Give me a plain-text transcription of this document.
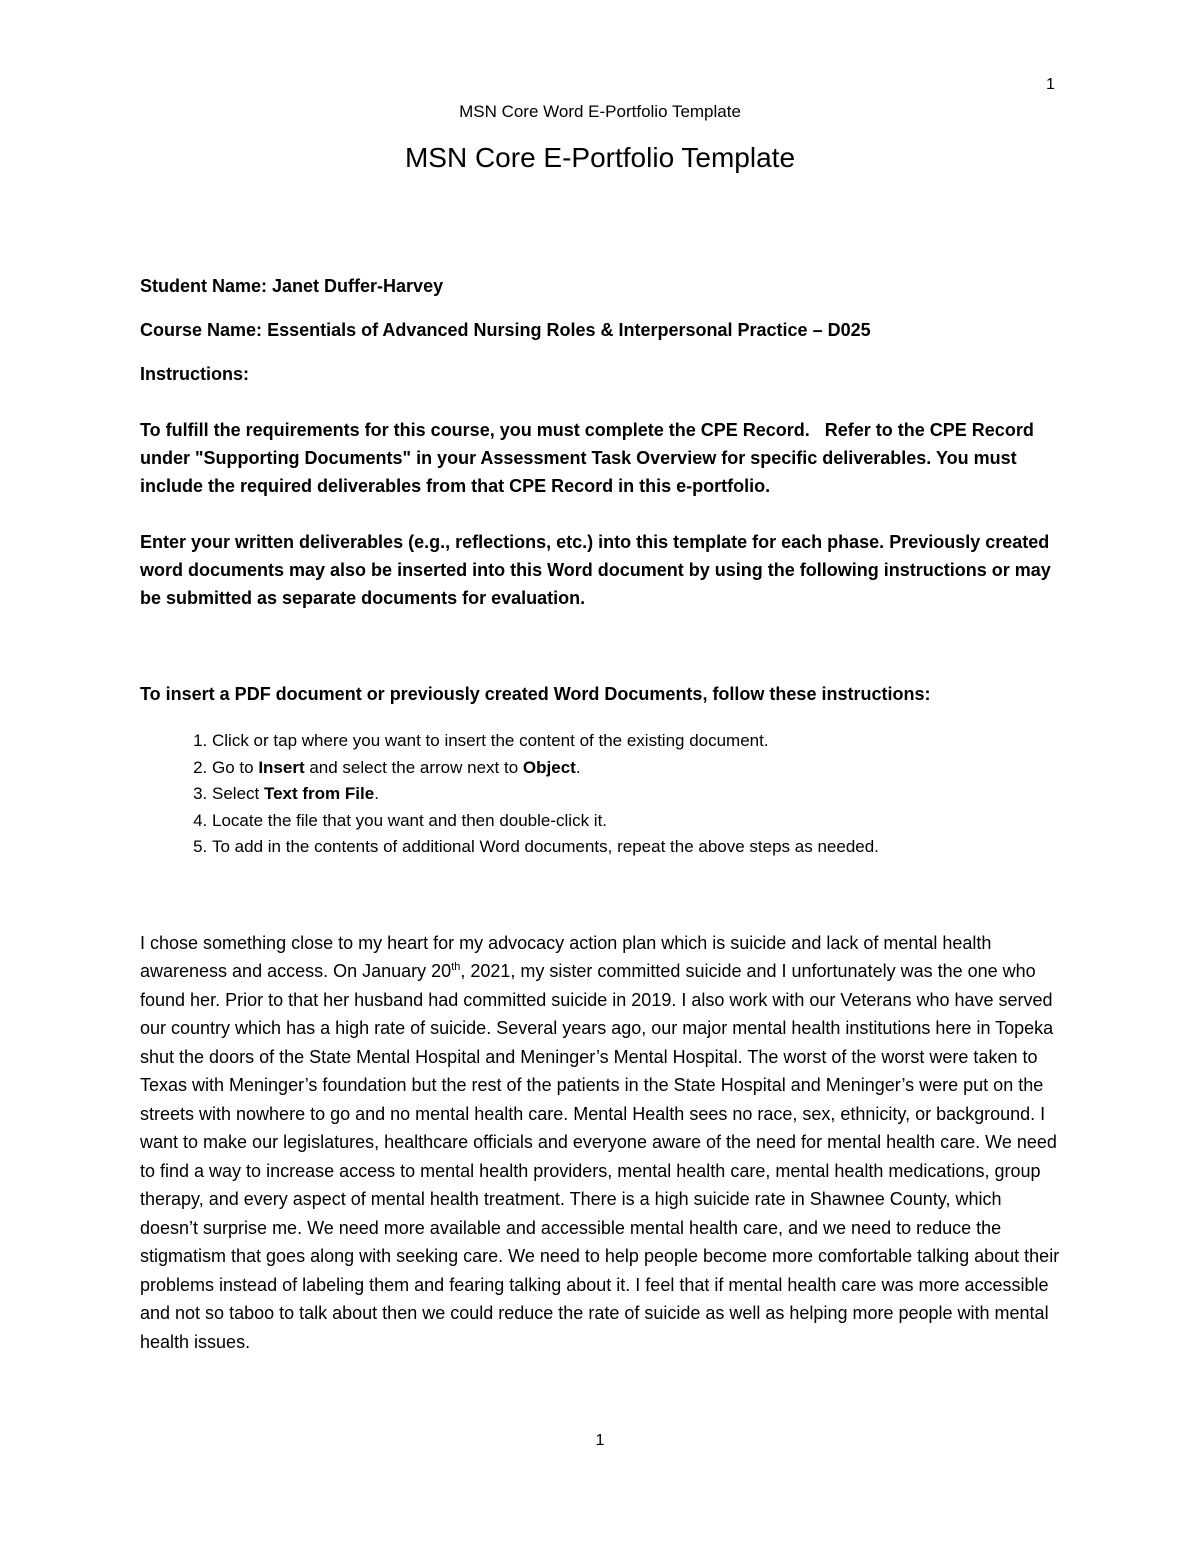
1
MSN Core Word E-Portfolio Template
MSN Core E-Portfolio Template

Student Name: Janet Duffer-Harvey

Course Name: Essentials of Advanced Nursing Roles & Interpersonal Practice – D025

Instructions:

To fulfill the requirements for this course, you must complete the CPE Record.   Refer to the CPE Record under "Supporting Documents" in your Assessment Task Overview for specific deliverables. You must include the required deliverables from that CPE Record in this e-portfolio.

Enter your written deliverables (e.g., reflections, etc.) into this template for each phase. Previously created word documents may also be inserted into this Word document by using the following instructions or may be submitted as separate documents for evaluation.

To insert a PDF document or previously created Word Documents, follow these instructions:

1. Click or tap where you want to insert the content of the existing document.
2. Go to Insert and select the arrow next to Object.
3. Select Text from File.
4. Locate the file that you want and then double-click it.
5. To add in the contents of additional Word documents, repeat the above steps as needed.

I chose something close to my heart for my advocacy action plan which is suicide and lack of mental health awareness and access. On January 20th, 2021, my sister committed suicide and I unfortunately was the one who found her. Prior to that her husband had committed suicide in 2019. I also work with our Veterans who have served our country which has a high rate of suicide. Several years ago, our major mental health institutions here in Topeka shut the doors of the State Mental Hospital and Meninger’s Mental Hospital. The worst of the worst were taken to Texas with Meninger’s foundation but the rest of the patients in the State Hospital and Meninger’s were put on the streets with nowhere to go and no mental health care. Mental Health sees no race, sex, ethnicity, or background. I want to make our legislatures, healthcare officials and everyone aware of the need for mental health care. We need to find a way to increase access to mental health providers, mental health care, mental health medications, group therapy, and every aspect of mental health treatment. There is a high suicide rate in Shawnee County, which doesn’t surprise me. We need more available and accessible mental health care, and we need to reduce the stigmatism that goes along with seeking care. We need to help people become more comfortable talking about their problems instead of labeling them and fearing talking about it. I feel that if mental health care was more accessible and not so taboo to talk about then we could reduce the rate of suicide as well as helping more people with mental health issues.

1
